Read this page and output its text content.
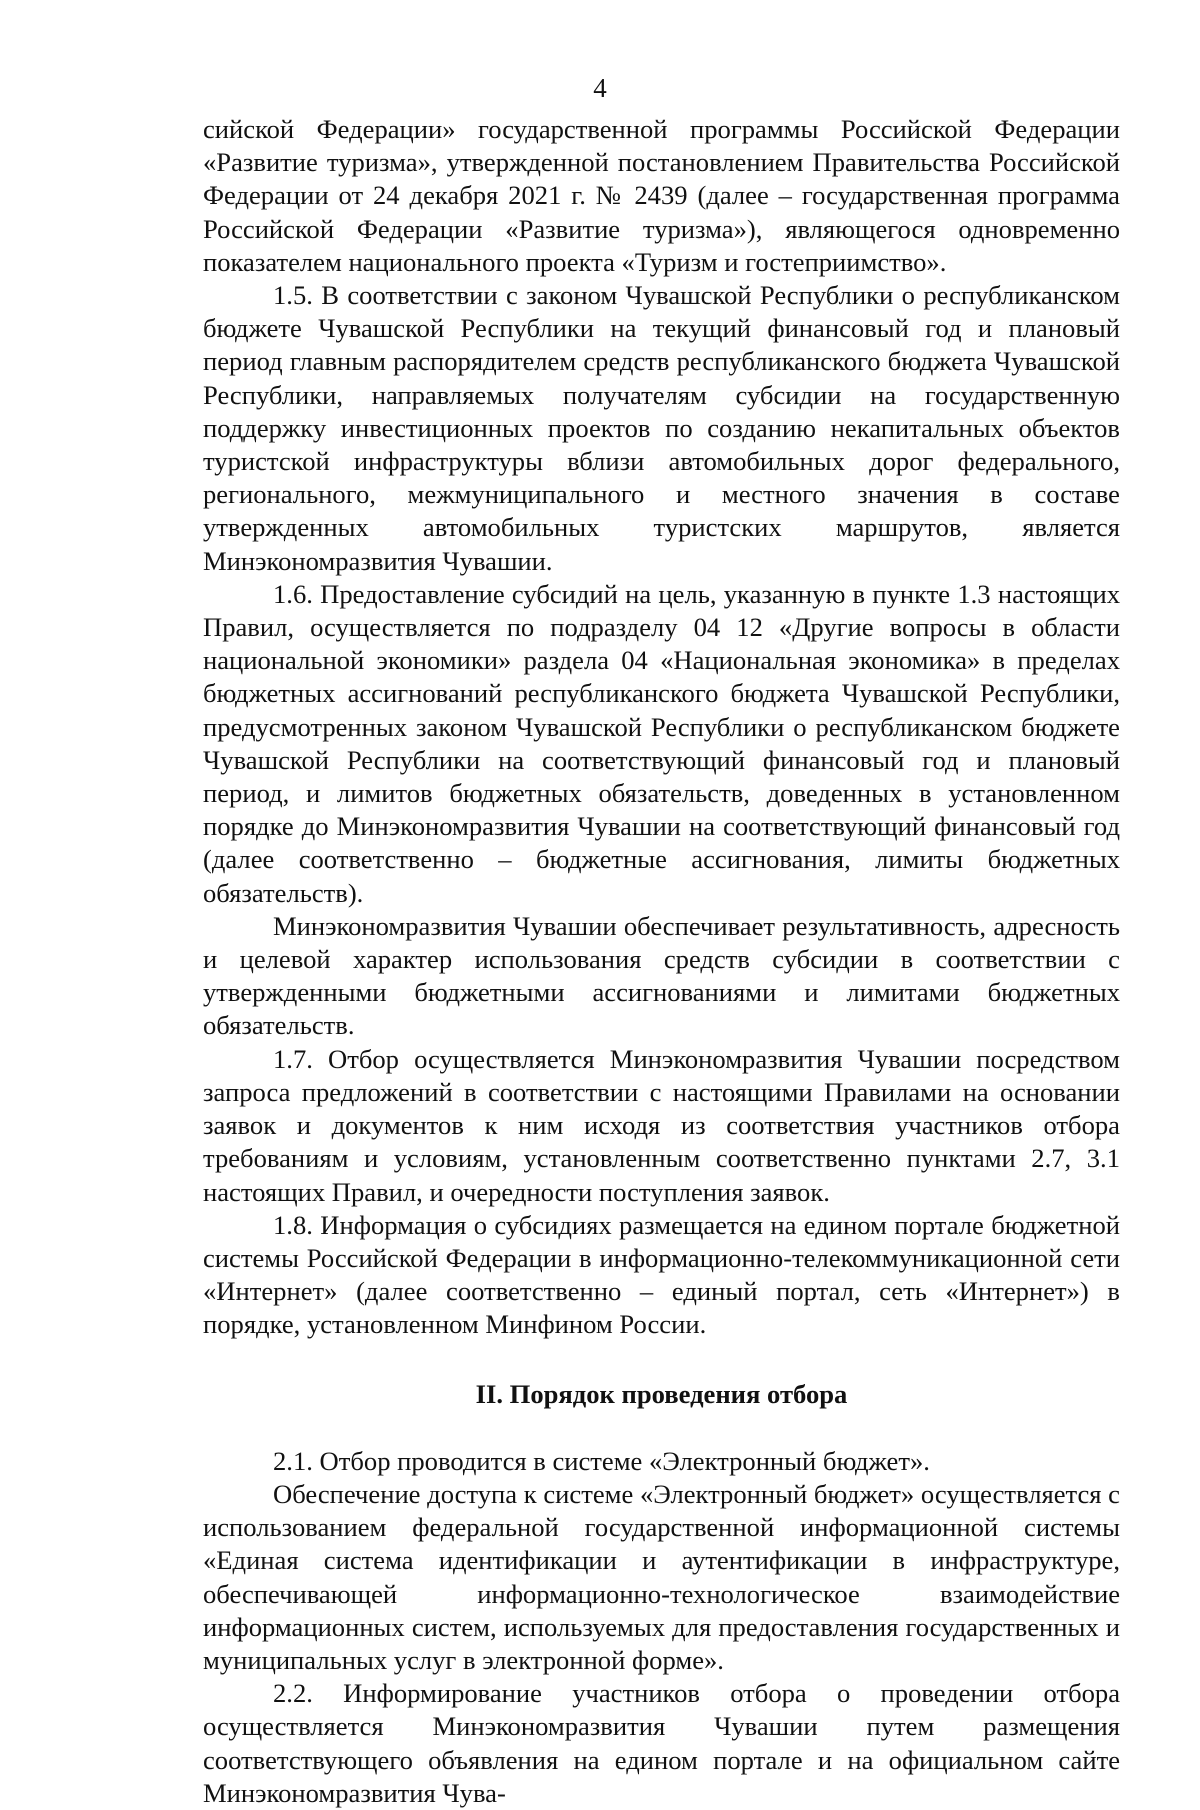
4

сийской Федерации» государственной программы Российской Федерации «Развитие туризма», утвержденной постановлением Правительства Российской Федерации от 24 декабря 2021 г. № 2439 (далее – государственная программа Российской Федерации «Развитие туризма»), являющегося одновременно показателем национального проекта «Туризм и гостеприимство».

1.5. В соответствии с законом Чувашской Республики о республиканском бюджете Чувашской Республики на текущий финансовый год и плановый период главным распорядителем средств республиканского бюджета Чувашской Республики, направляемых получателям субсидии на государственную поддержку инвестиционных проектов по созданию некапитальных объектов туристской инфраструктуры вблизи автомобильных дорог федерального, регионального, межмуниципального и местного значения в составе утвержденных автомобильных туристских маршрутов, является Минэкономразвития Чувашии.

1.6. Предоставление субсидий на цель, указанную в пункте 1.3 настоящих Правил, осуществляется по подразделу 04 12 «Другие вопросы в области национальной экономики» раздела 04 «Национальная экономика» в пределах бюджетных ассигнований республиканского бюджета Чувашской Республики, предусмотренных законом Чувашской Республики о республиканском бюджете Чувашской Республики на соответствующий финансовый год и плановый период, и лимитов бюджетных обязательств, доведенных в установленном порядке до Минэкономразвития Чувашии на соответствующий финансовый год (далее соответственно – бюджетные ассигнования, лимиты бюджетных обязательств).

Минэкономразвития Чувашии обеспечивает результативность, адресность и целевой характер использования средств субсидии в соответствии с утвержденными бюджетными ассигнованиями и лимитами бюджетных обязательств.

1.7. Отбор осуществляется Минэкономразвития Чувашии посредством запроса предложений в соответствии с настоящими Правилами на основании заявок и документов к ним исходя из соответствия участников отбора требованиям и условиям, установленным соответственно пунктами 2.7, 3.1 настоящих Правил, и очередности поступления заявок.

1.8. Информация о субсидиях размещается на едином портале бюджетной системы Российской Федерации в информационно-телекоммуникационной сети «Интернет» (далее соответственно – единый портал, сеть «Интернет») в порядке, установленном Минфином России.

II. Порядок проведения отбора

2.1. Отбор проводится в системе «Электронный бюджет».

Обеспечение доступа к системе «Электронный бюджет» осуществляется с использованием федеральной государственной информационной системы «Единая система идентификации и аутентификации в инфраструктуре, обеспечивающей информационно-технологическое взаимодействие информационных систем, используемых для предоставления государственных и муниципальных услуг в электронной форме».

2.2. Информирование участников отбора о проведении отбора осуществляется Минэкономразвития Чувашии путем размещения соответствующего объявления на едином портале и на официальном сайте Минэкономразвития Чува-
